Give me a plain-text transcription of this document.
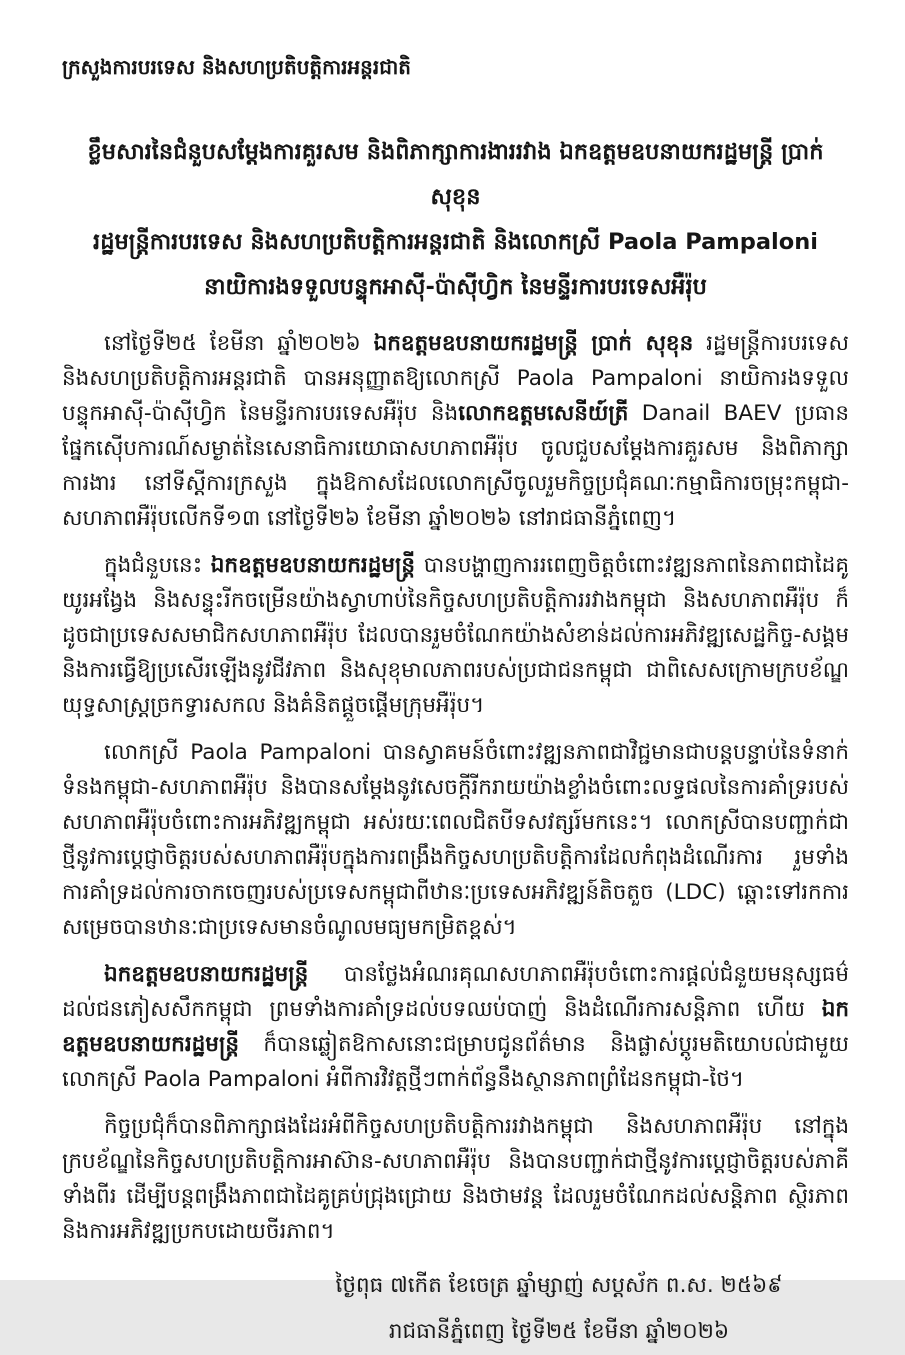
ក្រសួងការបរទេស និងសហប្រតិបត្តិការអន្តរជាតិ
ខ្លឹមសារនៃជំនួបសម្តែងការគួរសម និងពិភាក្សាការងាររវាង ឯកឧត្តមឧបនាយករដ្ឋមន្ត្រី ប្រាក់ សុខុន
រដ្ឋមន្ត្រីការបរទេស និងសហប្រតិបត្តិការអន្តរជាតិ និងលោកស្រី Paola Pampaloni
នាយិការងទទួលបន្ទុកអាស៊ី-ប៉ាស៊ីហ្វិក នៃមន្ទីរការបរទេសអឺរ៉ុប

នៅថ្ងៃទី២៥ ខែមីនា ឆ្នាំ២០២៦ ឯកឧត្តមឧបនាយករដ្ឋមន្ត្រី ប្រាក់ សុខុន រដ្ឋមន្ត្រីការបរទេស និងសហប្រតិបត្តិការអន្តរជាតិ បានអនុញ្ញាតឱ្យលោកស្រី Paola Pampaloni នាយិការងទទួលបន្ទុកអាស៊ី-ប៉ាស៊ីហ្វិក នៃមន្ទីរការបរទេសអឺរ៉ុប និងលោកឧត្តមសេនីយ៍ត្រី Danail BAEV ប្រធានផ្នែកស៊ើបការណ៍សម្ងាត់នៃសេនាធិការយោធាសហភាពអឺរ៉ុប ចូលជួបសម្តែងការគួរសម និងពិភាក្សាការងារ នៅទីស្តីការក្រសួង ក្នុងឱកាសដែលលោកស្រីចូលរួមកិច្ចប្រជុំគណៈកម្មាធិការចម្រុះកម្ពុជា-សហភាពអឺរ៉ុបលើកទី១៣ នៅថ្ងៃទី២៦ ខែមីនា ឆ្នាំ២០២៦ នៅរាជធានីភ្នំពេញ។

ក្នុងជំនួបនេះ ឯកឧត្តមឧបនាយករដ្ឋមន្ត្រី បានបង្ហាញការរពេញចិត្តចំពោះវឌ្ឍនភាពនៃភាពជាដៃគូយូរអង្វែង និងសន្ទុះរីកចម្រើនយ៉ាងស្វាហាប់នៃកិច្ចសហប្រតិបត្តិការរវាងកម្ពុជា និងសហភាពអឺរ៉ុប ក៏ដូចជាប្រទេសសមាជិកសហភាពអឺរ៉ុប ដែលបានរួមចំណែកយ៉ាងសំខាន់ដល់ការអភិវឌ្ឍសេដ្ឋកិច្ច-សង្គម និងការធ្វើឱ្យប្រសើរឡើងនូវជីវភាព និងសុខុមាលភាពរបស់ប្រជាជនកម្ពុជា ជាពិសេសក្រោមក្របខ័ណ្ឌយុទ្ធសាស្ត្រច្រកទ្វារសកល និងគំនិតផ្តួចផ្តើមក្រុមអឺរ៉ុប។

លោកស្រី Paola Pampaloni បានស្វាគមន៍ចំពោះវឌ្ឍនភាពជាវិជ្ជមានជាបន្តបន្ទាប់នៃទំនាក់ទំនងកម្ពុជា-សហភាពអឺរ៉ុប និងបានសម្តែងនូវសេចក្តីរីករាយយ៉ាងខ្លាំងចំពោះលទ្ធផលនៃការគាំទ្ររបស់សហភាពអឺរ៉ុបចំពោះការអភិវឌ្ឍកម្ពុជា អស់រយៈពេលជិតបីទសវត្សរ៍មកនេះ។ លោកស្រីបានបញ្ជាក់ជាថ្មីនូវការប្តេជ្ញាចិត្តរបស់សហភាពអឺរ៉ុបក្នុងការពង្រឹងកិច្ចសហប្រតិបត្តិការដែលកំពុងដំណើរការ រួមទាំងការគាំទ្រដល់ការចាកចេញរបស់ប្រទេសកម្ពុជាពីឋានៈប្រទេសអភិវឌ្ឍន៍តិចតួច (LDC) ឆ្ពោះទៅរកការសម្រេចបានឋានៈជាប្រទេសមានចំណូលមធ្យមកម្រិតខ្ពស់។

ឯកឧត្តមឧបនាយករដ្ឋមន្ត្រី បានថ្លែងអំណរគុណសហភាពអឺរ៉ុបចំពោះការផ្តល់ជំនួយមនុស្សធម៌ដល់ជនភៀសសឹកកម្ពុជា ព្រមទាំងការគាំទ្រដល់បទឈប់បាញ់ និងដំណើរការសន្តិភាព ហើយ ឯកឧត្តមឧបនាយករដ្ឋមន្ត្រី ក៏បានឆ្លៀតឱកាសនោះជម្រាបជូនព័ត៌មាន និងផ្លាស់ប្តូរមតិយោបល់ជាមួយលោកស្រី Paola Pampaloni អំពីការវិវត្តថ្មីៗពាក់ព័ន្ធនឹងស្ថានភាពព្រំដែនកម្ពុជា-ថៃ។

កិច្ចប្រជុំក៏បានពិភាក្សាផងដែរអំពីកិច្ចសហប្រតិបត្តិការរវាងកម្ពុជា និងសហភាពអឺរ៉ុប នៅក្នុងក្របខ័ណ្ឌនៃកិច្ចសហប្រតិបត្តិការអាស៊ាន-សហភាពអឺរ៉ុប និងបានបញ្ជាក់ជាថ្មីនូវការប្តេជ្ញាចិត្តរបស់ភាគីទាំងពីរ ដើម្បីបន្តពង្រឹងភាពជាដៃគូគ្រប់ជ្រុងជ្រោយ និងថាមវន្ត ដែលរួមចំណែកដល់សន្តិភាព ស្ថិរភាព និងការអភិវឌ្ឍប្រកបដោយចីរភាព។

ថ្ងៃពុធ ៧កើត ខែចេត្រ ឆ្នាំម្សាញ់ សប្តស័ក ព.ស. ២៥៦៩
រាជធានីភ្នំពេញ ថ្ងៃទី២៥ ខែមីនា ឆ្នាំ២០២៦
